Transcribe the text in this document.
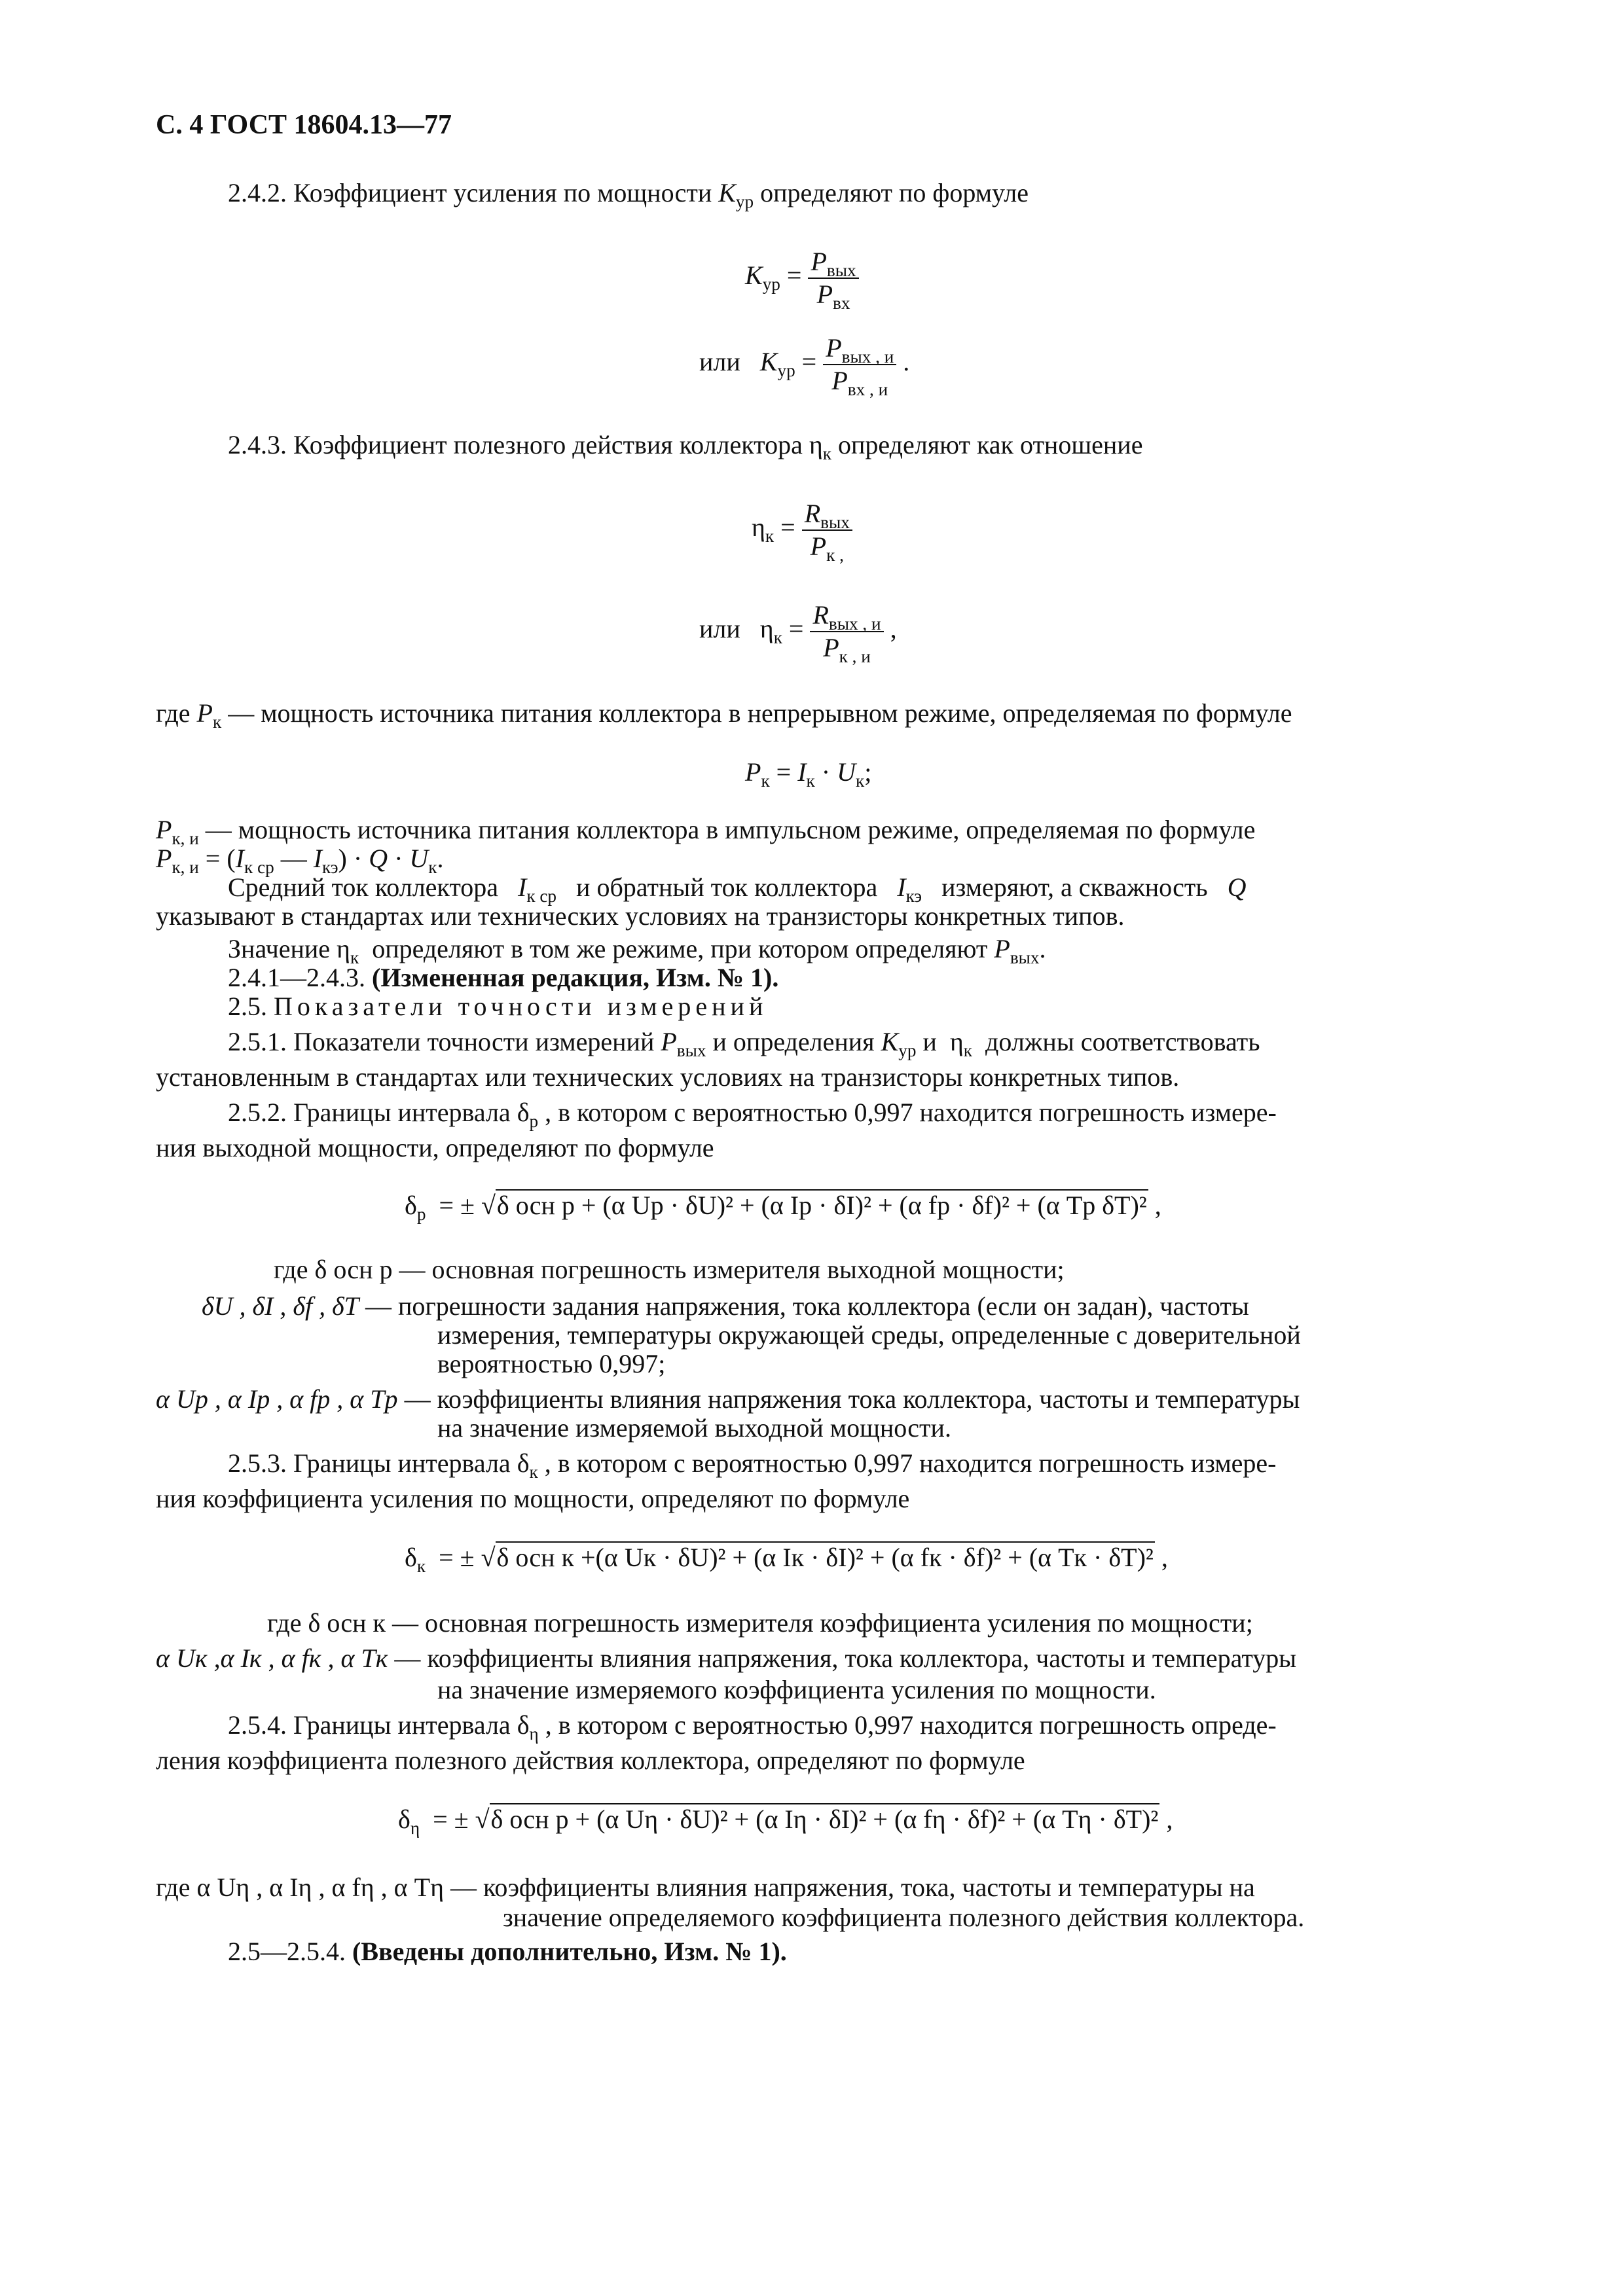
С. 4 ГОСТ 18604.13—77
2.4.2. Коэффициент усиления по мощности $K_{ур}$ определяют по формуле
$K_{ур} = \frac{P_{вых}}{P_{вх}}$
или $K_{ур} = \frac{P_{вых , и}}{P_{вх , и}}$ .
2.4.3. Коэффициент полезного действия коллектора $\eta_к$ определяют как отношение
$\eta_к = \frac{R_{вых}}{P_{к ,}}$
или $\eta_к = \frac{R_{вых , и}}{P_{к , и}}$ ,
где $P_к$ — мощность источника питания коллектора в непрерывном режиме, определяемая по формуле
$P_к = I_к \cdot U_к$;
$P_{к, и}$ — мощность источника питания коллектора в импульсном режиме, определяемая по формуле
$P_{к, и} = (I_{к ср}$ — $I_{кэ}) \cdot Q \cdot U_к$.
Средний ток коллектора $I_{к ср}$ и обратный ток коллектора $I_{кэ}$ измеряют, а скважность Q
указывают в стандартах или технических условиях на транзисторы конкретных типов.
Значение $\eta_к$ определяют в том же режиме, при котором определяют $P_{вых}$.
2.4.1—2.4.3. (Измененная редакция, Изм. № 1).
2.5. Показатели точности измерений
2.5.1. Показатели точности измерений $P_{вых}$ и определения $K_{ур}$ и $\eta_к$ должны соответствовать
установленным в стандартах или технических условиях на транзисторы конкретных типов.
2.5.2. Границы интервала $\delta_р$ , в котором с вероятностью 0,997 находится погрешность измере-
ния выходной мощности, определяют по формуле
$\delta_р$ = ± √δ осн р + (α Up · δU)² + (α Iр · δI)² + (α fр · δf)² + (α Tр δT)² ,
где δ осн р — основная погрешность измерителя выходной мощности;
δU , δI , δf , δT — погрешности задания напряжения, тока коллектора (если он задан), частоты
измерения, температуры окружающей среды, определенные с доверительной
вероятностью 0,997;
α Up , α Iр , α fр , α Tр — коэффициенты влияния напряжения тока коллектора, частоты и температуры
на значение измеряемой выходной мощности.
2.5.3. Границы интервала $\delta_к$ , в котором с вероятностью 0,997 находится погрешность измере-
ния коэффициента усиления по мощности, определяют по формуле
$\delta_к$ = ± √δ осн к +(α Uк · δU)² + (α Iк · δI)² + (α fк · δf)² + (α Tк · δT)² ,
где δ осн к — основная погрешность измерителя коэффициента усиления по мощности;
α Uк ,α Iк , α fк , α Tк — коэффициенты влияния напряжения, тока коллектора, частоты и температуры
на значение измеряемого коэффициента усиления по мощности.
2.5.4. Границы интервала $\delta_\eta$ , в котором с вероятностью 0,997 находится погрешность опреде-
ления коэффициента полезного действия коллектора, определяют по формуле
$\delta_\eta$ = ± √δ осн р + (α Uη · δU)² + (α Iη · δI)² + (α fη · δf)² + (α Tη · δT)² ,
где α Uη , α Iη , α fη , α Tη — коэффициенты влияния напряжения, тока, частоты и температуры на
значение определяемого коэффициента полезного действия коллектора.
2.5—2.5.4. (Введены дополнительно, Изм. № 1).
